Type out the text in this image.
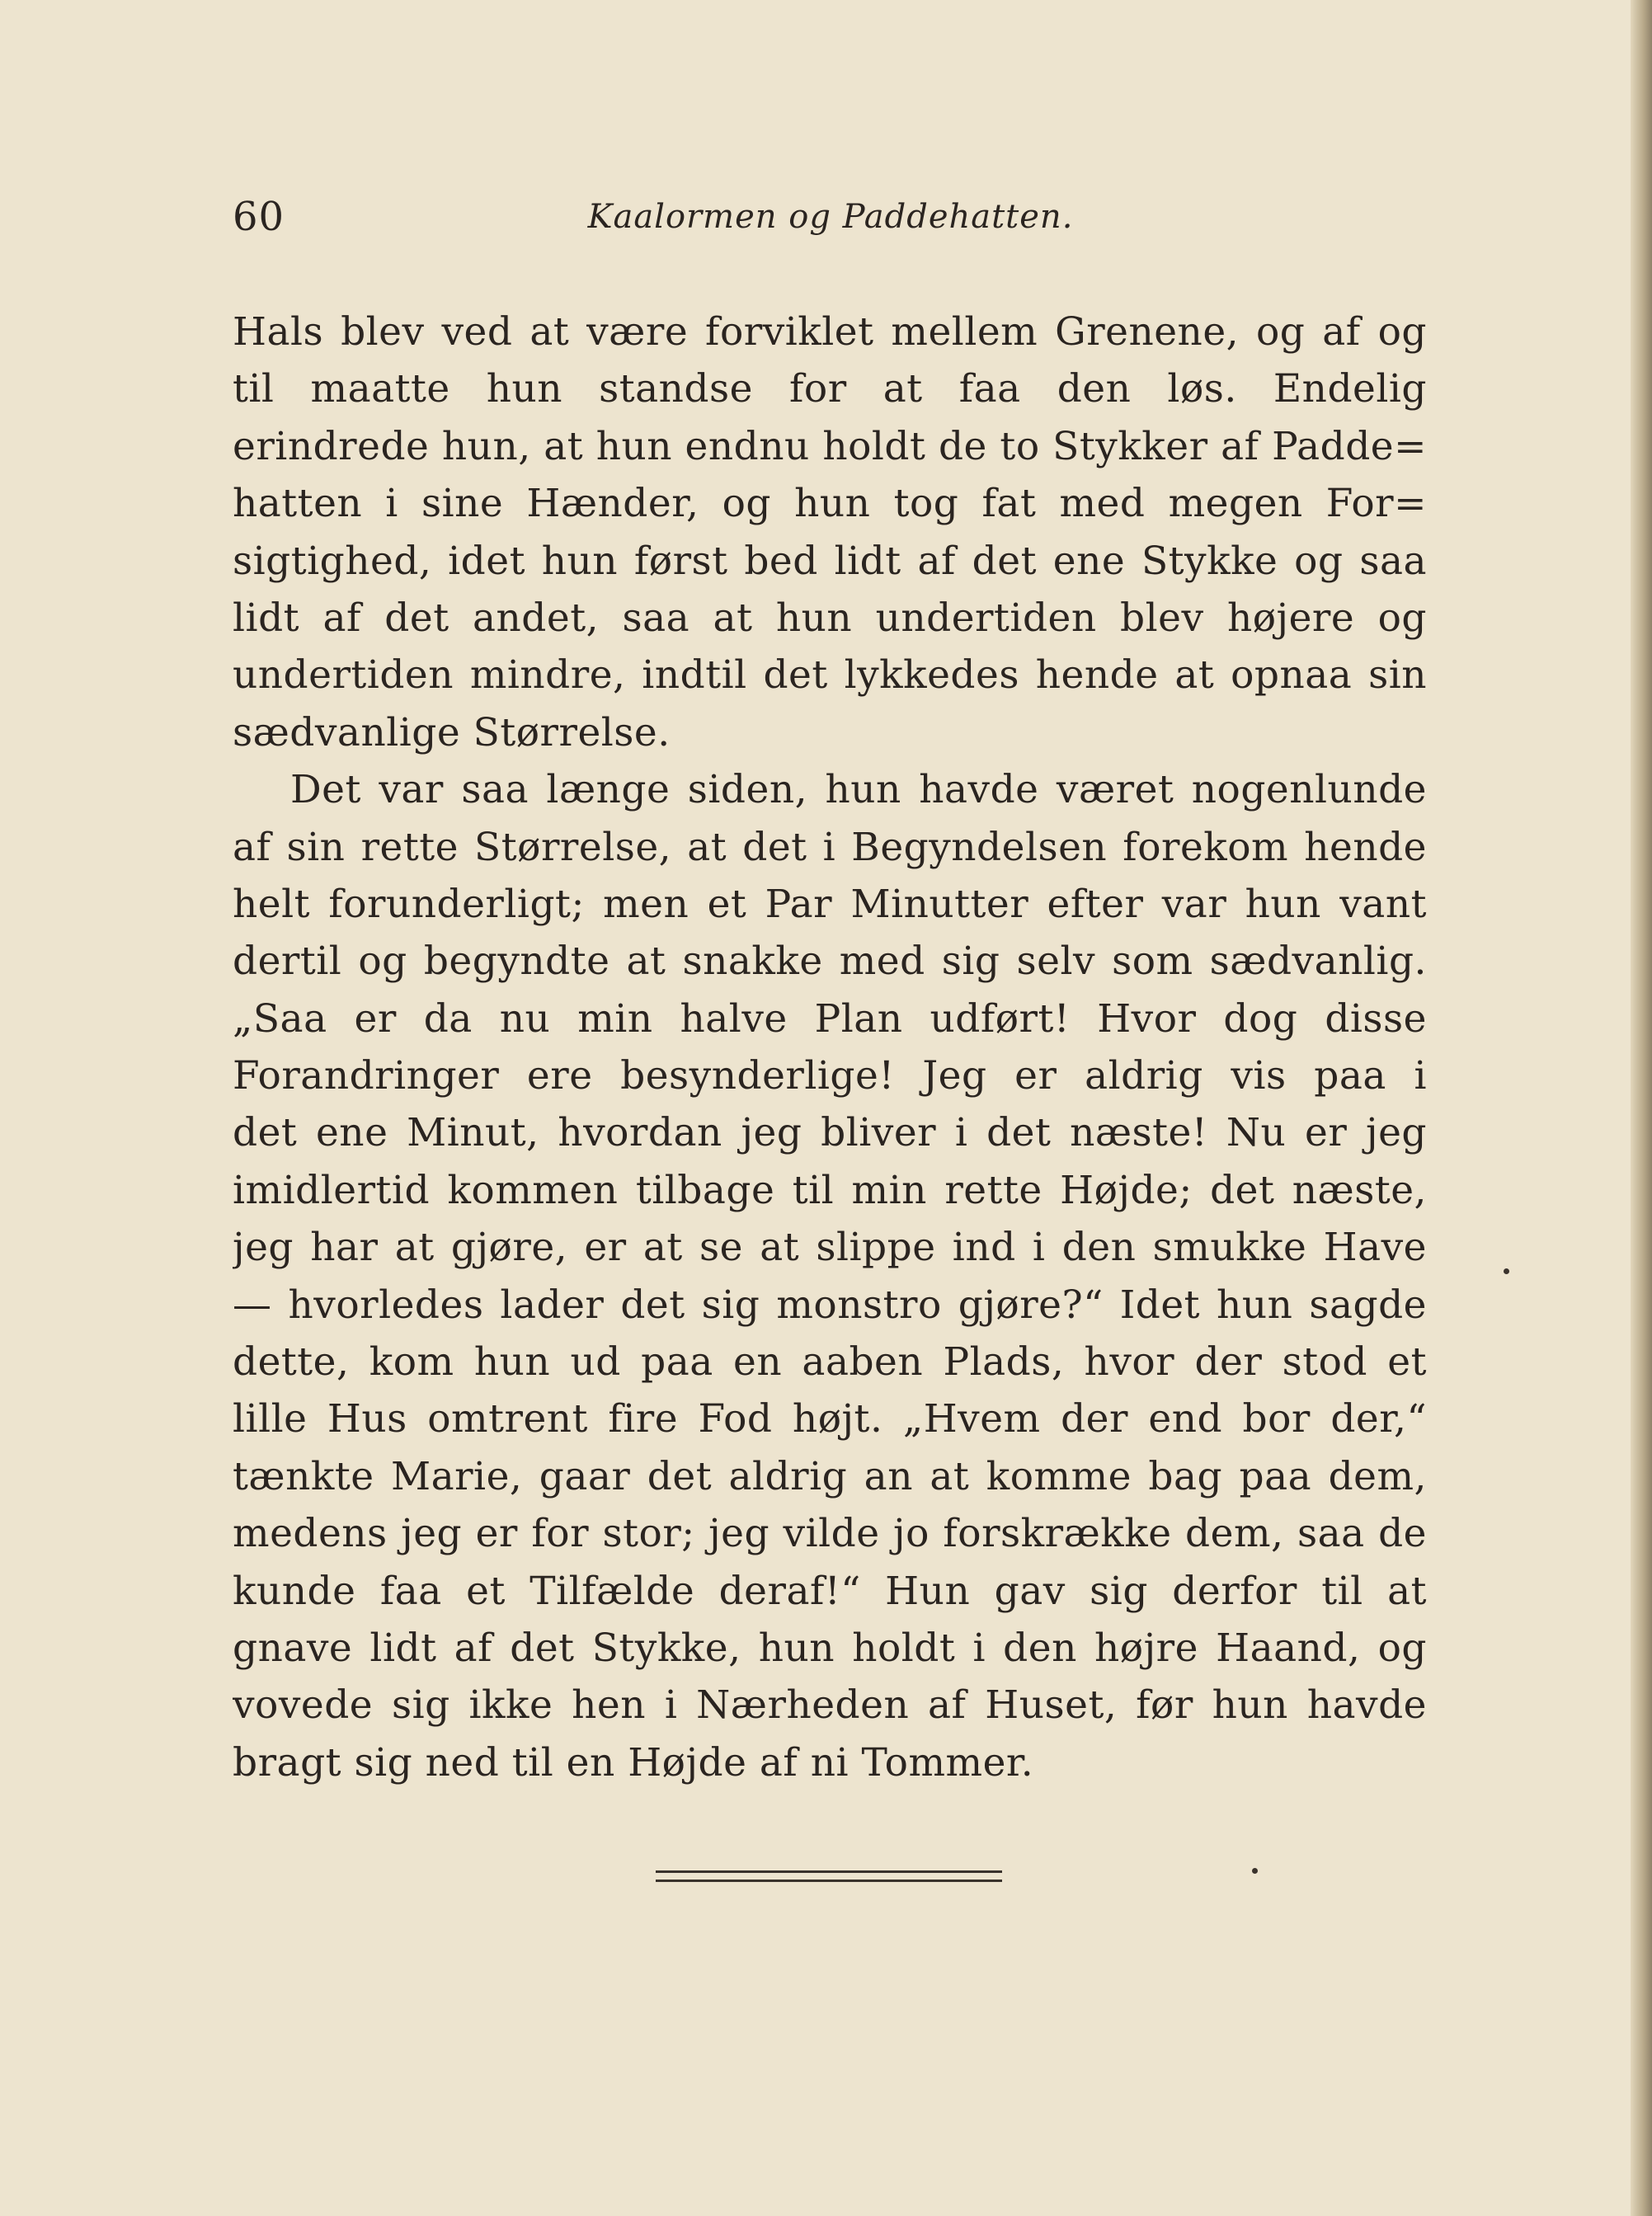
60	Kaalormen og Paddehatten.
Hals blev ved at være forviklet mellem Grenene, og af og
til maatte hun standse for at faa den løs. Endelig
erindrede hun, at hun endnu holdt de to Stykker af Padde=
hatten i sine Hænder, og hun tog fat med megen For=
sigtighed, idet hun først bed lidt af det ene Stykke og saa
lidt af det andet, saa at hun undertiden blev højere og
undertiden mindre, indtil det lykkedes hende at opnaa sin
sædvanlige Størrelse.
Det var saa længe siden, hun havde været nogenlunde
af sin rette Størrelse, at det i Begyndelsen forekom hende
helt forunderligt; men et Par Minutter efter var hun vant
dertil og begyndte at snakke med sig selv som sædvanlig.
„Saa er da nu min halve Plan udført! Hvor dog disse
Forandringer ere besynderlige! Jeg er aldrig vis paa i
det ene Minut, hvordan jeg bliver i det næste! Nu er jeg
imidlertid kommen tilbage til min rette Højde; det næste,
jeg har at gjøre, er at se at slippe ind i den smukke Have
— hvorledes lader det sig monstro gjøre?“ Idet hun sagde
dette, kom hun ud paa en aaben Plads, hvor der stod et
lille Hus omtrent fire Fod højt. „Hvem der end bor der,“
tænkte Marie, gaar det aldrig an at komme bag paa dem,
medens jeg er for stor; jeg vilde jo forskrække dem, saa de
kunde faa et Tilfælde deraf!“ Hun gav sig derfor til at
gnave lidt af det Stykke, hun holdt i den højre Haand, og
vovede sig ikke hen i Nærheden af Huset, før hun havde
bragt sig ned til en Højde af ni Tommer.
